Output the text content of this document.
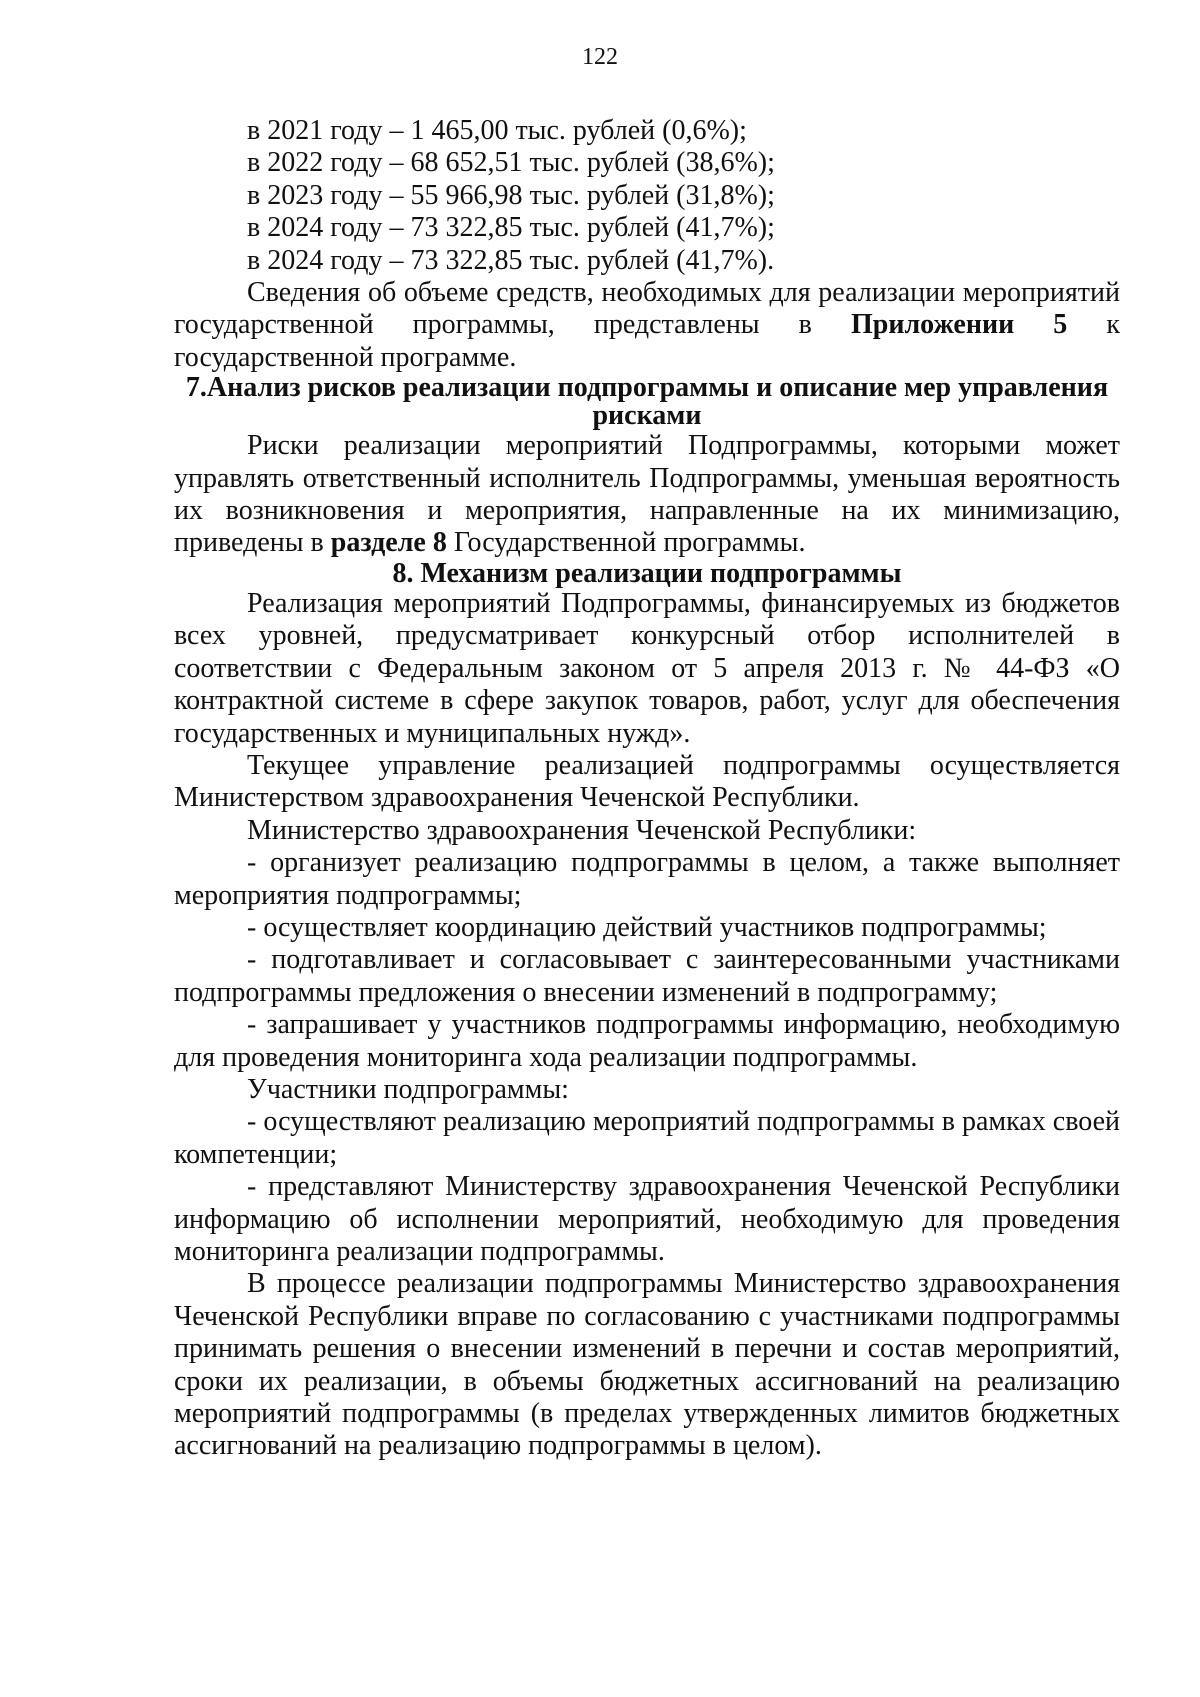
122

в 2021 году – 1 465,00 тыс. рублей (0,6%);

в 2022 году – 68 652,51 тыс. рублей (38,6%);

в 2023 году – 55 966,98 тыс. рублей (31,8%);

в 2024 году – 73 322,85 тыс. рублей (41,7%);

в 2024 году – 73 322,85 тыс. рублей (41,7%).

Сведения об объеме средств, необходимых для реализации мероприятий государственной программы, представлены в Приложении 5 к государственной программе.

7.Анализ рисков реализации подпрограммы и описание мер управления рисками

Риски реализации мероприятий Подпрограммы, которыми может управлять ответственный исполнитель Подпрограммы, уменьшая вероятность их возникновения и мероприятия, направленные на их минимизацию, приведены в разделе 8 Государственной программы.

8. Механизм реализации подпрограммы

Реализация мероприятий Подпрограммы, финансируемых из бюджетов всех уровней, предусматривает конкурсный отбор исполнителей в соответствии с Федеральным законом от 5 апреля 2013 г. № 44-ФЗ «О контрактной системе в сфере закупок товаров, работ, услуг для обеспечения государственных и муниципальных нужд».

Текущее управление реализацией подпрограммы осуществляется Министерством здравоохранения Чеченской Республики.

Министерство здравоохранения Чеченской Республики:

- организует реализацию подпрограммы в целом, а также выполняет мероприятия подпрограммы;

- осуществляет координацию действий участников подпрограммы;

- подготавливает и согласовывает с заинтересованными участниками подпрограммы предложения о внесении изменений в подпрограмму;

- запрашивает у участников подпрограммы информацию, необходимую для проведения мониторинга хода реализации подпрограммы.

Участники подпрограммы:

- осуществляют реализацию мероприятий подпрограммы в рамках своей компетенции;

- представляют Министерству здравоохранения Чеченской Республики информацию об исполнении мероприятий, необходимую для проведения мониторинга реализации подпрограммы.

В процессе реализации подпрограммы Министерство здравоохранения Чеченской Республики вправе по согласованию с участниками подпрограммы принимать решения о внесении изменений в перечни и состав мероприятий, сроки их реализации, в объемы бюджетных ассигнований на реализацию мероприятий подпрограммы (в пределах утвержденных лимитов бюджетных ассигнований на реализацию подпрограммы в целом).
